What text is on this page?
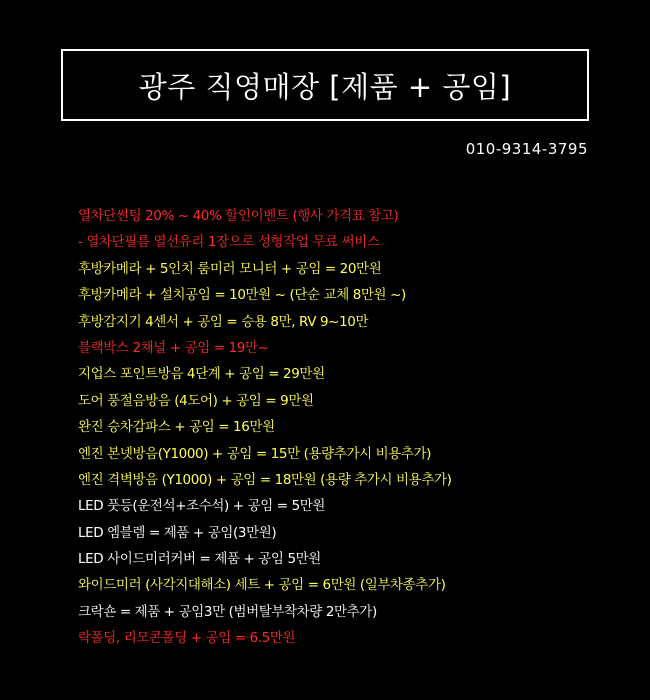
광주 직영매장 [제품 + 공임]
010-9314-3795
열차단썬팅 20% ~ 40% 할인이벤트 (행사 가격표 참고)
- 열차단필름 열선유리 1장으로 성형작업 무료 써비스
후방카메라 + 5인치 룸미러 모니터 + 공임 = 20만원
후방카메라 + 설치공임 = 10만원 ~ (단순 교체 8만원 ~)
후방감지기 4센서 + 공임 = 승용 8만, RV 9~10만
블랙박스 2채널 + 공임 = 19만~
지업스 포인트방음 4단계 + 공임 = 29만원
도어 풍절음방음 (4도어) + 공임 = 9만원
완진 승차감파스 + 공임 = 16만원
엔진 본넷방음(Y1000) + 공임 = 15만 (용량추가시 비용추가)
엔진 격벽방음 (Y1000) + 공임 = 18만원 (용량 추가시 비용추가)
LED 풋등(운전석+조수석) + 공임 = 5만원
LED 엠블렘 = 제품 + 공임(3만원)
LED 사이드미러커버 = 제품 + 공임 5만원
와이드미러 (사각지대해소) 세트 + 공임 = 6만원 (일부차종추가)
크락숀 = 제품 + 공임3만 (범버탈부착차량 2만추가)
락폴딩, 리모콘폴딩 + 공임 = 6.5만원
